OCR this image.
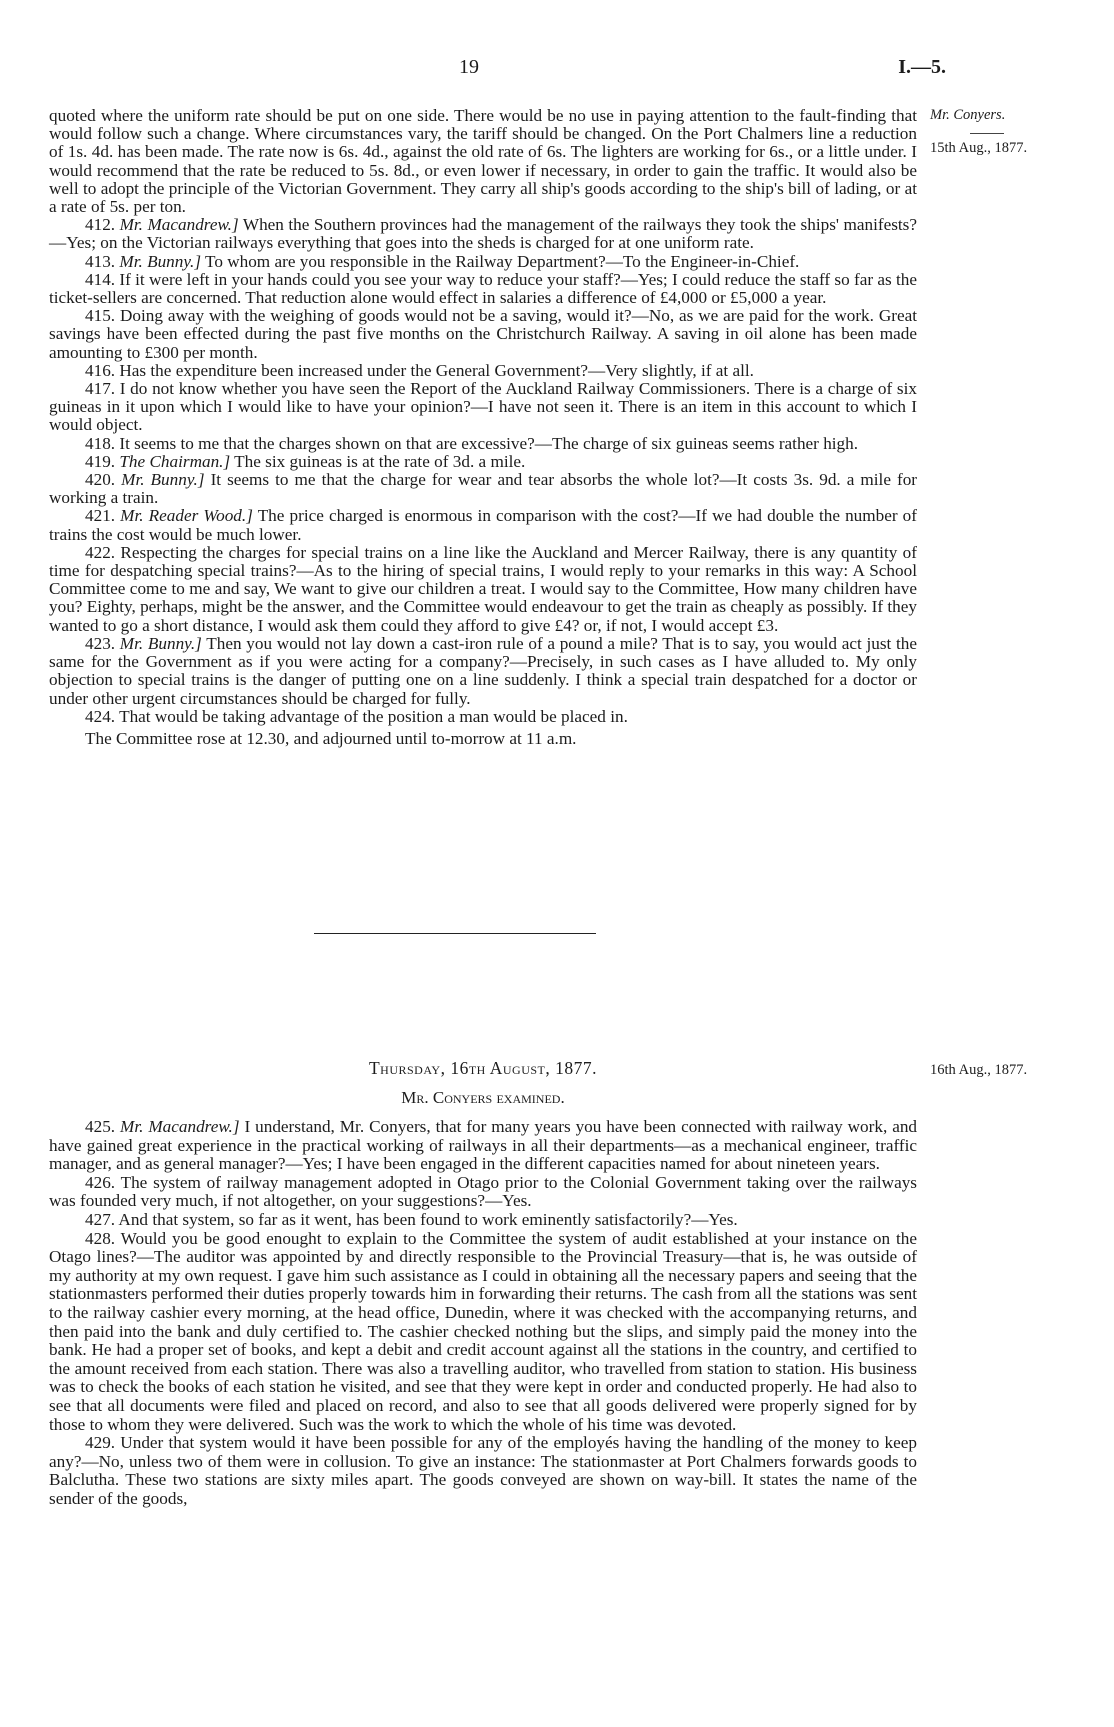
19	I.—5.
Mr. Conyers.
15th Aug., 1877.

quoted where the uniform rate should be put on one side. There would be no use in paying attention to the fault-finding that would follow such a change. Where circumstances vary, the tariff should be changed. On the Port Chalmers line a reduction of 1s. 4d. has been made. The rate now is 6s. 4d., against the old rate of 6s. The lighters are working for 6s., or a little under. I would recommend that the rate be reduced to 5s. 8d., or even lower if necessary, in order to gain the traffic. It would also be well to adopt the principle of the Victorian Government. They carry all ship's goods according to the ship's bill of lading, or at a rate of 5s. per ton.

412. Mr. Macandrew.] When the Southern provinces had the management of the railways they took the ships' manifests?—Yes; on the Victorian railways everything that goes into the sheds is charged for at one uniform rate.

413. Mr. Bunny.] To whom are you responsible in the Railway Department?—To the Engineer-in-Chief.

414. If it were left in your hands could you see your way to reduce your staff?—Yes; I could reduce the staff so far as the ticket-sellers are concerned. That reduction alone would effect in salaries a difference of £4,000 or £5,000 a year.

415. Doing away with the weighing of goods would not be a saving, would it?—No, as we are paid for the work. Great savings have been effected during the past five months on the Christchurch Railway. A saving in oil alone has been made amounting to £300 per month.

416. Has the expenditure been increased under the General Government?—Very slightly, if at all.

417. I do not know whether you have seen the Report of the Auckland Railway Commissioners. There is a charge of six guineas in it upon which I would like to have your opinion?—I have not seen it. There is an item in this account to which I would object.

418. It seems to me that the charges shown on that are excessive?—The charge of six guineas seems rather high.

419. The Chairman.] The six guineas is at the rate of 3d. a mile.

420. Mr. Bunny.] It seems to me that the charge for wear and tear absorbs the whole lot?—It costs 3s. 9d. a mile for working a train.

421. Mr. Reader Wood.] The price charged is enormous in comparison with the cost?—If we had double the number of trains the cost would be much lower.

422. Respecting the charges for special trains on a line like the Auckland and Mercer Railway, there is any quantity of time for despatching special trains?—As to the hiring of special trains, I would reply to your remarks in this way: A School Committee come to me and say, We want to give our children a treat. I would say to the Committee, How many children have you? Eighty, perhaps, might be the answer, and the Committee would endeavour to get the train as cheaply as possibly. If they wanted to go a short distance, I would ask them could they afford to give £4? or, if not, I would accept £3.

423. Mr. Bunny.] Then you would not lay down a cast-iron rule of a pound a mile? That is to say, you would act just the same for the Government as if you were acting for a company?—Precisely, in such cases as I have alluded to. My only objection to special trains is the danger of putting one on a line suddenly. I think a special train despatched for a doctor or under other urgent circumstances should be charged for fully.

424. That would be taking advantage of the position a man would be placed in.

The Committee rose at 12.30, and adjourned until to-morrow at 11 a.m.

Thursday, 16th August, 1877.	16th Aug., 1877.
Mr. Conyers examined.

425. Mr. Macandrew.] I understand, Mr. Conyers, that for many years you have been connected with railway work, and have gained great experience in the practical working of railways in all their departments—as a mechanical engineer, traffic manager, and as general manager?—Yes; I have been engaged in the different capacities named for about nineteen years.

426. The system of railway management adopted in Otago prior to the Colonial Government taking over the railways was founded very much, if not altogether, on your suggestions?—Yes.

427. And that system, so far as it went, has been found to work eminently satisfactorily?—Yes.

428. Would you be good enought to explain to the Committee the system of audit established at your instance on the Otago lines?—The auditor was appointed by and directly responsible to the Provincial Treasury—that is, he was outside of my authority at my own request. I gave him such assistance as I could in obtaining all the necessary papers and seeing that the stationmasters performed their duties properly towards him in forwarding their returns. The cash from all the stations was sent to the railway cashier every morning, at the head office, Dunedin, where it was checked with the accompanying returns, and then paid into the bank and duly certified to. The cashier checked nothing but the slips, and simply paid the money into the bank. He had a proper set of books, and kept a debit and credit account against all the stations in the country, and certified to the amount received from each station. There was also a travelling auditor, who travelled from station to station. His business was to check the books of each station he visited, and see that they were kept in order and conducted properly. He had also to see that all documents were filed and placed on record, and also to see that all goods delivered were properly signed for by those to whom they were delivered. Such was the work to which the whole of his time was devoted.

429. Under that system would it have been possible for any of the employés having the handling of the money to keep any?—No, unless two of them were in collusion. To give an instance: The stationmaster at Port Chalmers forwards goods to Balclutha. These two stations are sixty miles apart. The goods conveyed are shown on way-bill. It states the name of the sender of the goods,
